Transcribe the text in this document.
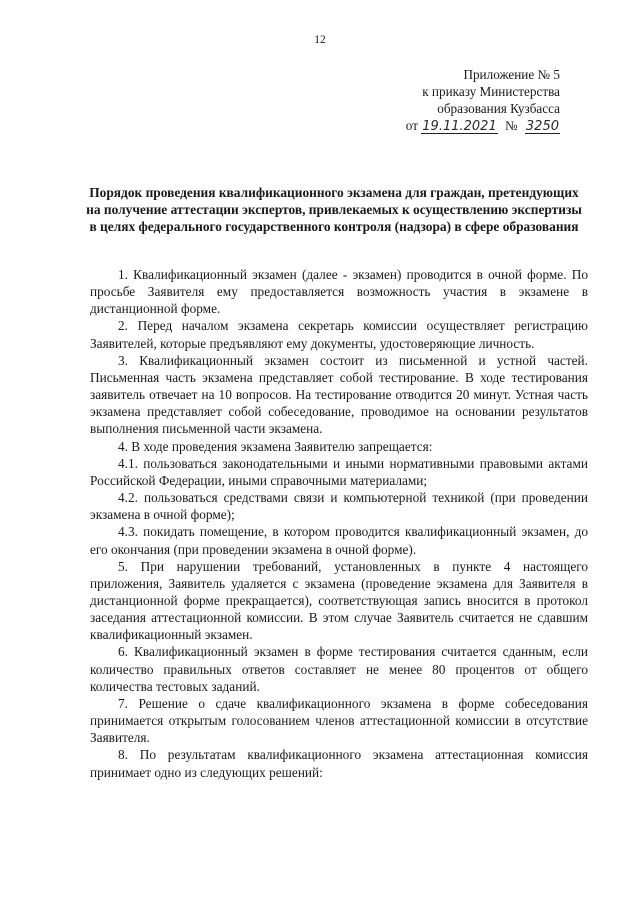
12
Приложение № 5
к приказу Министерства
образования Кузбасса
от 19.11.2021 № 3250
Порядок проведения квалификационного экзамена для граждан, претендующих на получение аттестации экспертов, привлекаемых к осуществлению экспертизы в целях федерального государственного контроля (надзора) в сфере образования

1. Квалификационный экзамен (далее - экзамен) проводится в очной форме. По просьбе Заявителя ему предоставляется возможность участия в экзамене в дистанционной форме.

2. Перед началом экзамена секретарь комиссии осуществляет регистрацию Заявителей, которые предъявляют ему документы, удостоверяющие личность.

3. Квалификационный экзамен состоит из письменной и устной частей. Письменная часть экзамена представляет собой тестирование. В ходе тестирования заявитель отвечает на 10 вопросов. На тестирование отводится 20 минут. Устная часть экзамена представляет собой собеседование, проводимое на основании результатов выполнения письменной части экзамена.

4. В ходе проведения экзамена Заявителю запрещается:

4.1. пользоваться законодательными и иными нормативными правовыми актами Российской Федерации, иными справочными материалами;

4.2. пользоваться средствами связи и компьютерной техникой (при проведении экзамена в очной форме);

4.3. покидать помещение, в котором проводится квалификационный экзамен, до его окончания (при проведении экзамена в очной форме).

5. При нарушении требований, установленных в пункте 4 настоящего приложения, Заявитель удаляется с экзамена (проведение экзамена для Заявителя в дистанционной форме прекращается), соответствующая запись вносится в протокол заседания аттестационной комиссии. В этом случае Заявитель считается не сдавшим квалификационный экзамен.

6. Квалификационный экзамен в форме тестирования считается сданным, если количество правильных ответов составляет не менее 80 процентов от общего количества тестовых заданий.

7. Решение о сдаче квалификационного экзамена в форме собеседования принимается открытым голосованием членов аттестационной комиссии в отсутствие Заявителя.

8. По результатам квалификационного экзамена аттестационная комиссия принимает одно из следующих решений:
